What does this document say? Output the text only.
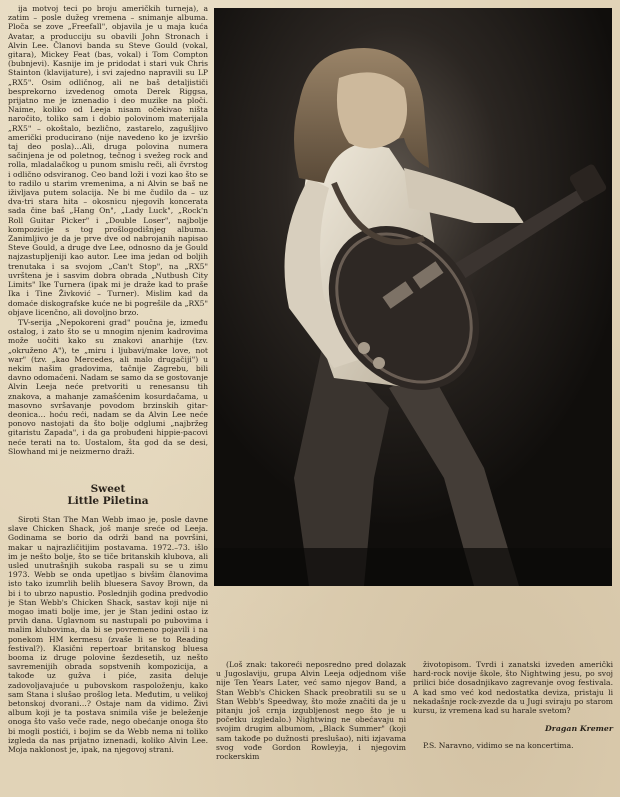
ija motvoj teci po broju američkih turneja), a zatim – posle dužeg vremena – snimanje albuma. Ploča se zove „Freefall", objavila je u maja kuća Avatar, a producciju su obavili John Stronach i Alvin Lee. Članovi banda su Steve Gould (vokal, gitara), Mickey Feat (bas, vokal) i Tom Compton (bubnjevi). Kasnije im je pridodat i stari vuk Chris Stainton (klavijature), i svi zajedno napravili su LP „RX5". Osim odličnog, ali ne baš detaljističi besprekorno izvedenog omota Derek Riggsa, prijatno me je iznenadio i deo muzike na ploči. Naime, koliko od Leeja nisam očekivao ništa naročito, toliko sam i dobio polovinom materijala „RX5" – okoštalo, bezlično, zastarelo, zagušljivo američki producirano (nije navedeno ko je izvršio taj deo posla)…Ali, druga polovina numera sačinjena je od poletnog, tečnog i svežeg rock and rolla, mladalačkog u punom smislu reči, ali čvrstog i odlično odsviranog. Ceo band loži i vozi kao što se to radilo u starim vremenima, a ni Alvin se baš ne iživljava putem solacija. Ne bi me čudilo da – uz dva-tri stara hita – okosnicu njegovih koncerata sada čine baš „Hang On", „Lady Luck", „Rock'n Roll Guitar Picker" i „Double Loser", najbolje kompozicije s tog prošlogodišnjeg albuma. Zanimljivo je da je prve dve od nabrojanih napisao Steve Gould, a druge dve Lee, odnosno da je Gould najzastupljeniji kao autor. Lee ima jedan od boljih trenutaka i sa svojom „Can't Stop", na „RX5" uvrštena je i sasvim dobra obrada „Nutbush City Limits" Ike Turnera (ipak mi je draže kad to praše Ika i Tine Živković – Turner). Mislim kad da domaće diskografske kuće ne bi pogrešile da „RX5" objave licenčno, ali dovoljno brzo.

TV-serija „Nepokoreni grad" poučna je, između ostalog, i zato što se u mnogim njenim kadrovima može uočiti kako su znakovi anarhije (tzv. „okruženo A"), te „miru i ljubavi/make love, not war" (tzv. „kao Mercedes, ali malo drugačiji") u nekim našim gradovima, tačnije Zagrebu, bili davno odomaćeni. Nadam se samo da se gostovanje Alvin Leeja neće pretvoriti u renesansu tih znakova, a mahanje zamašćenim kosurdačama, u masovno svršavanje povodom brzinskih gitar-deonica… hoću reći, nadam se da Alvin Lee neće ponovo nastojati da što bolje odglumi „najbržeg gitaristu Zapada", i da ga probuđeni hippie-pacovi neće terati na to. Uostalom, šta god da se desi, Slowhand mi je neizmerno draži.

Sweet
Little Piletina

Siroti Stan The Man Webb imao je, posle davne slave Chicken Shack, još manje sreće od Leeja. Godinama se borio da održi band na površini, makar u najrazličitijim postavama. 1972.–73. išlo im je nešto bolje, što se tiče britanskih klubova, ali usled unutrašnjih sukoba raspali su se u zimu 1973. Webb se onda upetljao s bivšim članovima isto tako izumrlih belih bluesera Savoy Brown, da bi i to ubrzo napustio. Poslednjih godina predvodio je Stan Webb's Chicken Shack, sastav koji nije ni mogao imati bolje ime, jer je Stan jedini ostao iz prvih dana. Uglavnom su nastupali po pubovima i malim klubovima, da bi se povremeno pojavili i na ponekom HM kermesu (zvaše li se to Reading festival?). Klasični repertoar britanskog bluesa booma iz druge polovine šezdesetih, uz nešto savremenijih obrada sopstvenih kompozicija, a takođe uz gužva i piće, zasita deluje zadovoljavajuće u pubovskom raspoloženju, kako sam Stana i slušao prošlog leta. Međutim, u velikoj betonskoj dvorani…? Ostaje nam da vidimo. Živi album koji je ta postava snimila više je beleženje onoga što vašo veče rade, nego obećanje onoga što bi mogli postići, i bojim se da Webb nema ni toliko izgleda da nas prijatno iznenadi, koliko Alvin Lee. Moja naklonost je, ipak, na njegovoj strani.

(Loš znak: takoreći neposredno pred dolazak u Jugoslaviju, grupa Alvin Leeja odjednom više nije Ten Years Later, već samo njegov Band, a Stan Webb's Chicken Shack preobratili su se u Stan Webb's Speedway, što može značiti da je u pitanju još crnja izgubljenost nego što je u početku izgledalo.) Nightwing ne obećavaju ni svojim drugim albumom, „Black Summer" (koji sam takođe po dužnosti preslušao), niti izjavama svog vođe Gordon Rowleyja, i njegovim rockerskim

životopisom. Tvrdi i zanatski izveden američki hard-rock novije škole, što Nightwing jesu, po svoj prilici biće dosadnjikavo zagrevanje ovog festivala. A kad smo već kod nedostatka deviza, pristaju li nekadašnje rock-zvezde da u Jugi sviraju po starom kursu, iz vremena kad su harale svetom?

Dragan Kremer
P.S. Naravno, vidimo se na koncertima.
